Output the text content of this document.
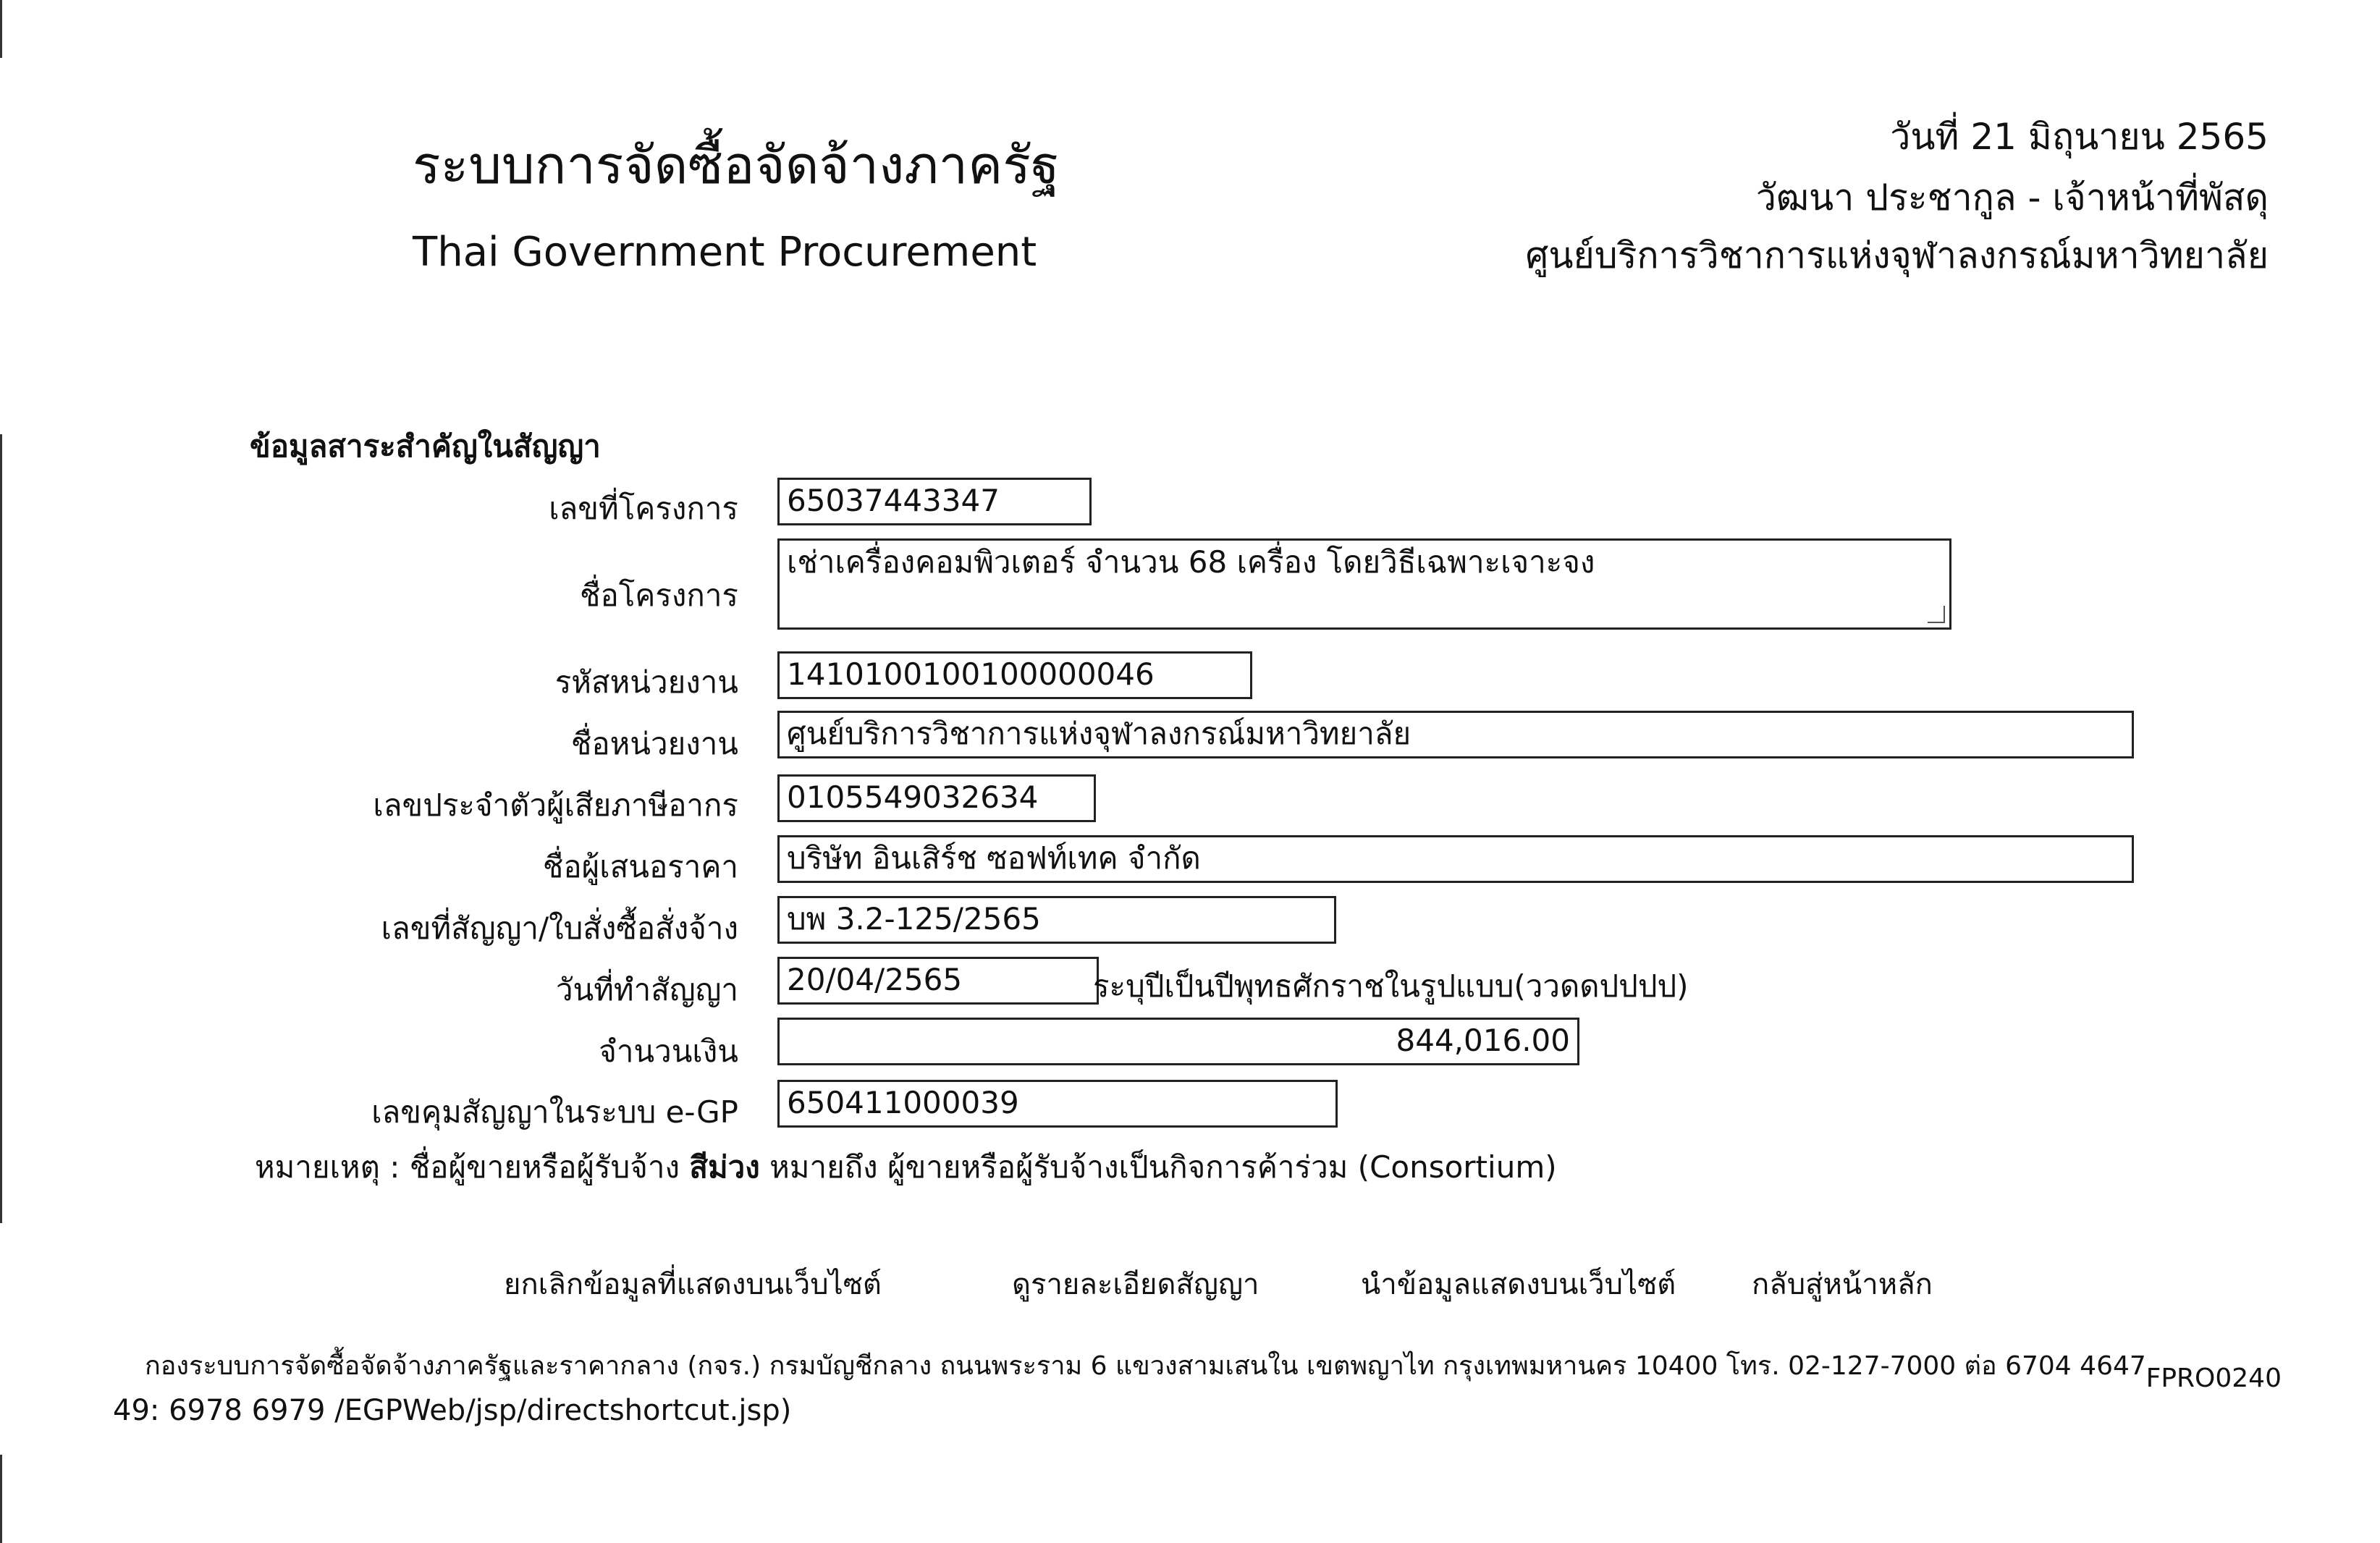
ระบบการจัดซื้อจัดจ้างภาครัฐ
Thai Government Procurement
วันที่ 21 มิถุนายน 2565
วัฒนา ประชากูล - เจ้าหน้าที่พัสดุ
ศูนย์บริการวิชาการแห่งจุฬาลงกรณ์มหาวิทยาลัย
ข้อมูลสาระสำคัญในสัญญา
เลขที่โครงการ	65037443347
ชื่อโครงการ
เช่าเครื่องคอมพิวเตอร์ จำนวน 68 เครื่อง โดยวิธีเฉพาะเจาะจง
รหัสหน่วยงาน	1410100100100000046
ชื่อหน่วยงาน	ศูนย์บริการวิชาการแห่งจุฬาลงกรณ์มหาวิทยาลัย
เลขประจำตัวผู้เสียภาษีอากร	0105549032634
ชื่อผู้เสนอราคา	บริษัท อินเสิร์ช ซอฟท์เทค จำกัด
เลขที่สัญญา/ใบสั่งซื้อสั่งจ้าง	บพ 3.2-125/2565
วันที่ทำสัญญา	20/04/2565	ระบุปีเป็นปีพุทธศักราชในรูปแบบ(ววดดปปปป)
จำนวนเงิน	844,016.00
เลขคุมสัญญาในระบบ e-GP	650411000039
หมายเหตุ : ชื่อผู้ขายหรือผู้รับจ้าง สีม่วง หมายถึง ผู้ขายหรือผู้รับจ้างเป็นกิจการค้าร่วม (Consortium)
ยกเลิกข้อมูลที่แสดงบนเว็บไซต์	ดูรายละเอียดสัญญา	นำข้อมูลแสดงบนเว็บไซต์	กลับสู่หน้าหลัก
กองระบบการจัดซื้อจัดจ้างภาครัฐและราคากลาง (กจร.) กรมบัญชีกลาง ถนนพระราม 6 แขวงสามเสนใน เขตพญาไท กรุงเทพมหานคร 10400 โทร. 02-127-7000 ต่อ 6704 4647 FPRO0240
49: 6978 6979 /EGPWeb/jsp/directshortcut.jsp)
